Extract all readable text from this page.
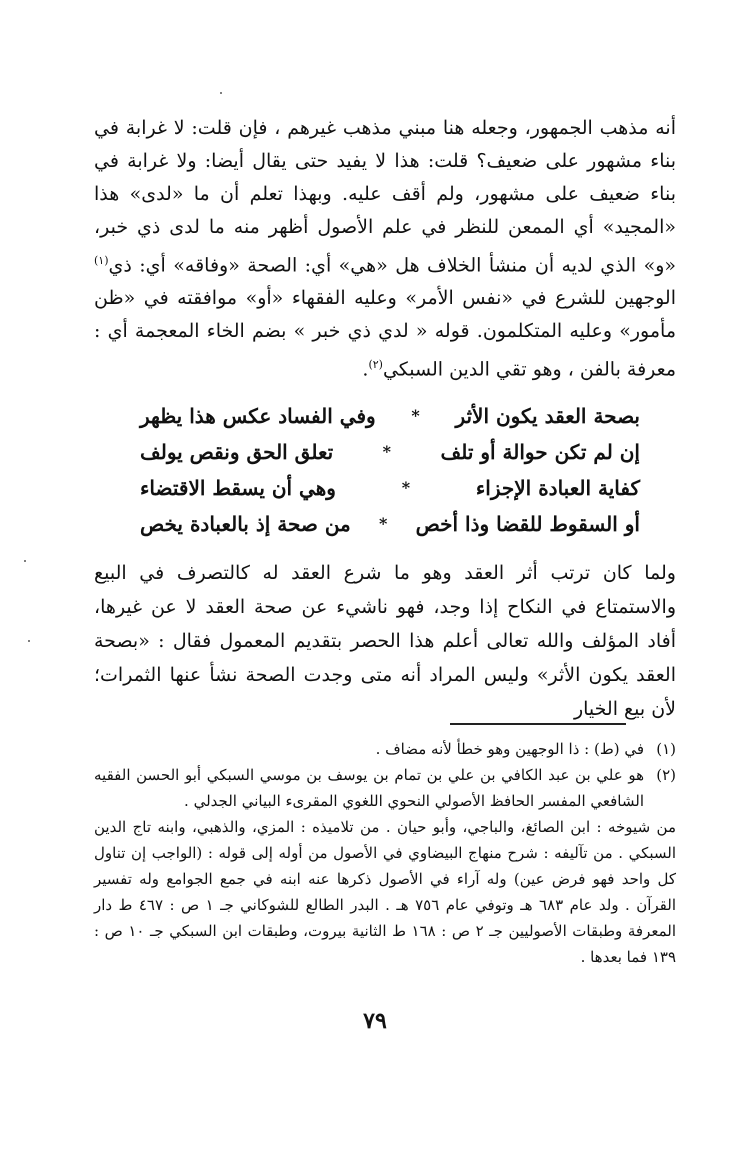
أنه مذهب الجمهور، وجعله هنا مبني مذهب غيرهم ، فإن قلت: لا غرابة في بناء مشهور على ضعيف؟ قلت: هذا لا يفيد حتى يقال أيضا: ولا غرابة في بناء ضعيف على مشهور، ولم أقف عليه. وبهذا تعلم أن ما «لدى» هذا «المجيد» أي الممعن للنظر في علم الأصول أظهر منه ما لدى ذي خبر، «و» الذي لديه أن منشأ الخلاف هل «هي» أي: الصحة «وفاقه» أي: ذي$^{(١)}$ الوجهين للشرع في «نفس الأمر» وعليه الفقهاء «أو» موافقته في «ظن مأمور» وعليه المتكلمون. قوله « لدي ذي خبر » بضم الخاء المعجمة أي : معرفة بالفن ، وهو تقي الدين السبكي$^{(٢)}$.

بصحة العقد يكون الأثر
*
وفي الفساد عكس هذا يظهر
إن لم تكن حوالة أو تلف
*
تعلق الحق ونقص يولف
كفاية العبادة الإجزاء
*
وهي أن يسقط الاقتضاء
أو السقوط للقضا وذا أخص
*
من صحة إذ بالعبادة يخص
ولما كان ترتب أثر العقد وهو ما شرع العقد له كالتصرف في البيع والاستمتاع في النكاح إذا وجد، فهو ناشيء عن صحة العقد لا عن غيرها، أفاد المؤلف والله تعالى أعلم هذا الحصر بتقديم المعمول فقال : «بصحة العقد يكون الأثر» وليس المراد أنه متى وجدت الصحة نشأ عنها الثمرات؛ لأن بيع الخيار
(١)
في (ط) : ذا الوجهين وهو خطأ لأنه مضاف .
(٢)
هو علي بن عبد الكافي بن علي بن تمام بن يوسف بن موسي السبكي أبو الحسن الفقيه الشافعي المفسر الحافظ الأصولي النحوي اللغوي المقرىء البياني الجدلي .
من شيوخه : ابن الصائغ، والباجي، وأبو حيان . من تلاميذه : المزي، والذهبي، وابنه تاج الدين السبكي . من تآليفه : شرح منهاج البيضاوي في الأصول من أوله إلى قوله : (الواجب إن تناول كل واحد فهو فرض عين) وله آراء في الأصول ذكرها عنه ابنه في جمع الجوامع وله تفسير القرآن . ولد عام ٦٨٣ هـ وتوفي عام ٧٥٦ هـ . البدر الطالع للشوكاني جـ ١ ص : ٤٦٧ ط دار المعرفة وطبقات الأصوليين جـ ٢ ص : ١٦٨ ط الثانية بيروت، وطبقات ابن السبكي جـ ١٠ ص : ١٣٩ فما بعدها .
٧٩
